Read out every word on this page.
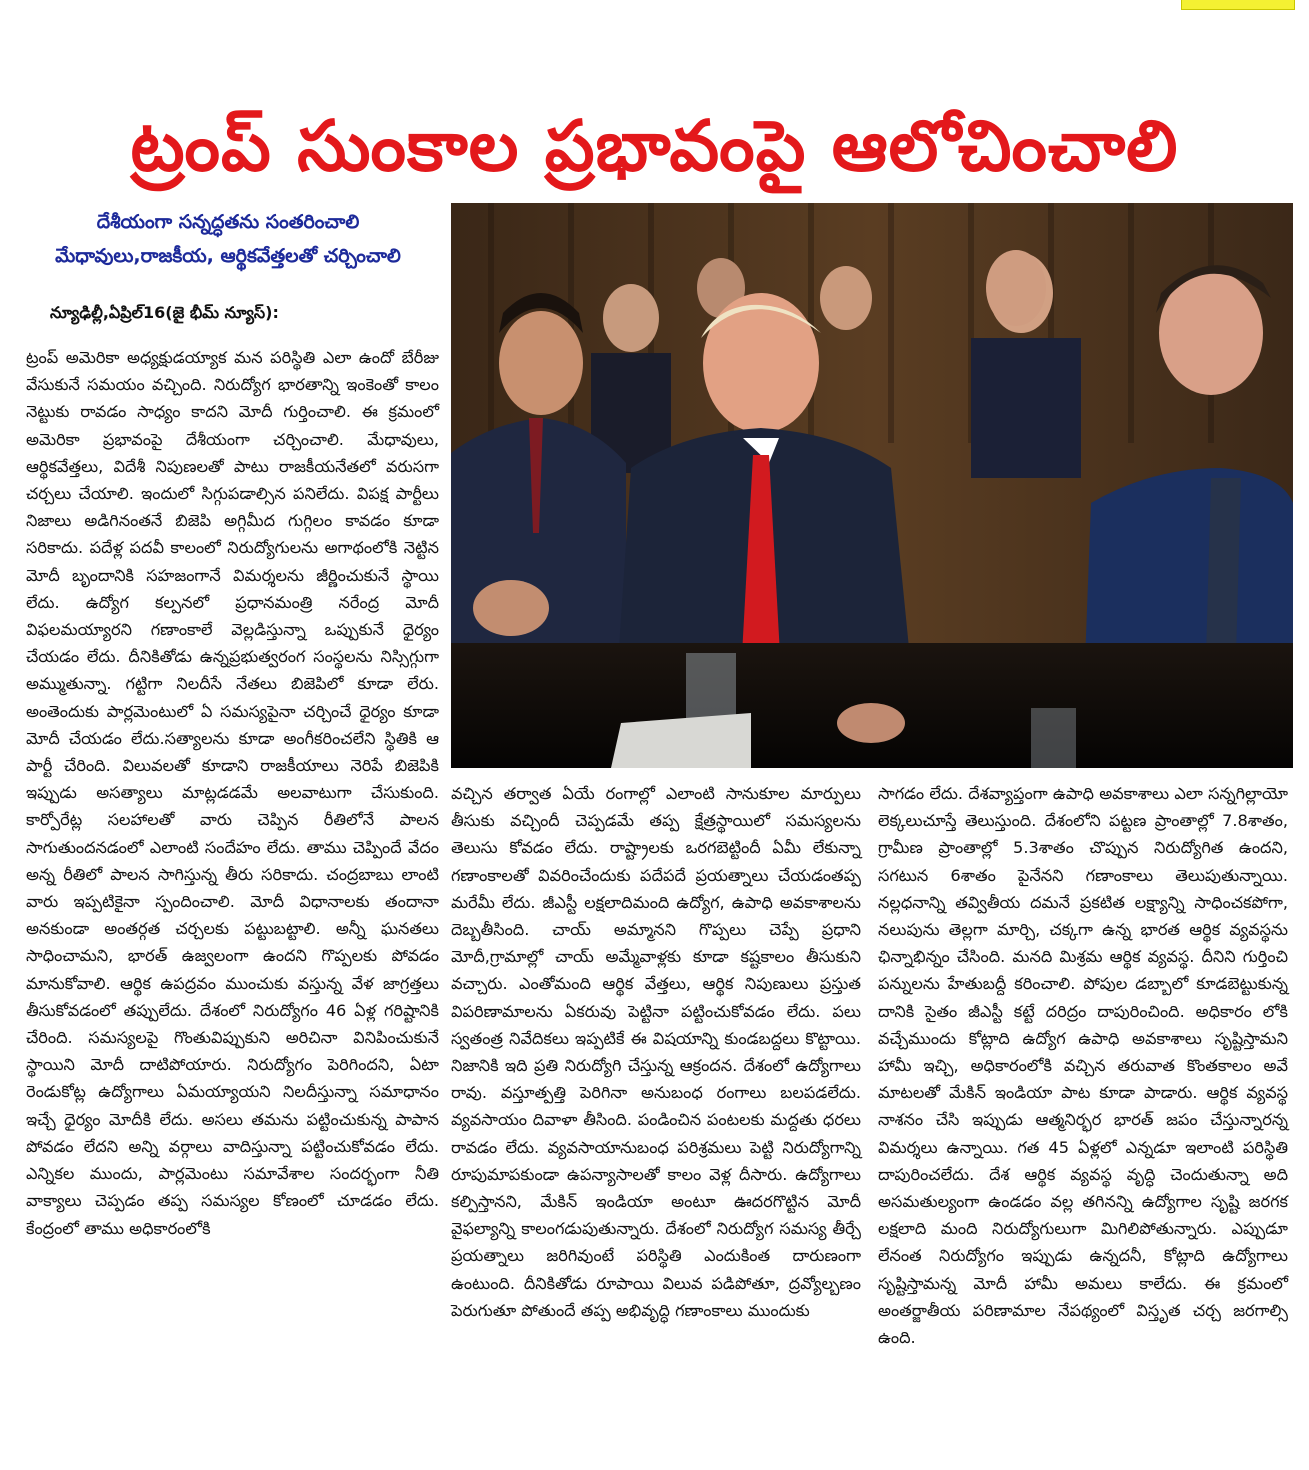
ట్రంప్ సుంకాల ప్రభావంపై ఆలోచించాలి
దేశీయంగా సన్నద్ధతను సంతరించాలి
మేధావులు,రాజకీయ, ఆర్థికవేత్తలతో చర్చించాలి
న్యూఢిల్లీ,ఏప్రిల్16(జై భీమ్ న్యూస్):

ట్రంప్ అమెరికా అధ్యక్షుడయ్యాక మన పరిస్థితి ఎలా ఉందో బేరీజు వేసుకునే సమయం వచ్చింది. నిరుద్యోగ భారతాన్ని ఇంకెంతో కాలం నెట్టుకు రావడం సాధ్యం కాదని మోదీ గుర్తించాలి. ఈ క్రమంలో అమెరికా ప్రభావంపై దేశీయంగా చర్చించాలి. మేధావులు, ఆర్థికవేత్తలు, విదేశీ నిపుణలతో పాటు రాజకీయనేతలో వరుసగా చర్చలు చేయాలి. ఇందులో సిగ్గుపడాల్సిన పనిలేదు. విపక్ష పార్టీలు నిజాలు అడిగినంతనే బిజెపి అగ్గిమీద గుగ్గిలం కావడం కూడా సరికాదు. పదేళ్ల పదవీ కాలంలో నిరుద్యోగులను అగాథంలోకి నెట్టిన మోదీ బృందానికి సహజంగానే విమర్శలను జీర్ణించుకునే స్థాయి లేదు. ఉద్యోగ కల్పనలో ప్రధానమంత్రి నరేంద్ర మోదీ విఫలమయ్యారని గణాంకాలే వెల్లడిస్తున్నా ఒప్పుకునే ధైర్యం చేయడం లేదు. దీనికితోడు ఉన్నప్రభుత్వరంగ సంస్థలను నిస్సిగ్గుగా అమ్ముతున్నా. గట్టిగా నిలదీసే నేతలు బిజెపిలో కూడా లేరు. అంతెందుకు పార్లమెంటులో ఏ సమస్యపైనా చర్చించే ధైర్యం కూడా మోదీ చేయడం లేదు.సత్యాలను కూడా అంగీకరించలేని స్థితికి ఆ పార్టీ చేరింది. విలువలతో కూడాని రాజకీయాలు నెరిపే బిజెపికి ఇప్పుడు అసత్యాలు మాట్లడడమే అలవాటుగా చేసుకుంది. కార్పోరేట్ల సలహాలతో వారు చెప్పిన రీతిలోనే పాలన సాగుతుందనడంలో ఎలాంటి సందేహం లేదు. తాము చెప్పిందే వేదం అన్న రీతిలో పాలన సాగిస్తున్న తీరు సరికాదు. చంద్రబాబు లాంటి వారు ఇప్పటికైనా స్పందించాలి. మోదీ విధానాలకు తందానా అనకుండా అంతర్గత చర్చలకు పట్టుబట్టాలి. అన్నీ ఘనతలు సాధించామని, భారత్ ఉజ్వలంగా ఉందని గొప్పలకు పోవడం మానుకోవాలి. ఆర్థిక ఉపద్రవం ముంచుకు వస్తున్న వేళ జాగ్రత్తలు తీసుకోవడంలో తప్పులేదు. దేశంలో నిరుద్యోగం 46 ఏళ్ల గరిష్టానికి చేరింది. సమస్యలపై గొంతువిప్పుకుని అరిచినా వినిపించుకునే స్థాయిని మోదీ దాటిపోయారు. నిరుద్యోగం పెరిగిందని, ఏటా రెండుకోట్ల ఉద్యోగాలు ఏమయ్యాయని నిలదీస్తున్నా సమాధానం ఇచ్చే ధైర్యం మోదీకి లేదు. అసలు తమను పట్టించుకున్న పాపాన పోవడం లేదని అన్ని వర్గాలు వాదిస్తున్నా పట్టించుకోవడం లేదు. ఎన్నికల ముందు, పార్లమెంటు సమావేశాల సందర్భంగా నీతి వాక్యాలు చెప్పడం తప్ప సమస్యల కోణంలో చూడడం లేదు. కేంద్రంలో తాము అధికారంలోకి

వచ్చిన తర్వాత ఏయే రంగాల్లో ఎలాంటి సానుకూల మార్పులు తీసుకు వచ్చిందీ చెప్పడమే తప్ప క్షేత్రస్థాయిలో సమస్యలను తెలుసు కోవడం లేదు. రాష్ట్రాలకు ఒరగబెట్టిందీ ఏమీ లేకున్నా గణాంకాలతో వివరించేందుకు పదేపదే ప్రయత్నాలు చేయడంతప్ప మరేమీ లేదు. జీఎస్టీ లక్షలాదిమంది ఉద్యోగ, ఉపాధి అవకాశాలను దెబ్బతీసింది. చాయ్ అమ్మానని గొప్పలు చెప్పే ప్రధాని మోదీ,గ్రామాల్లో చాయ్ అమ్మేవాళ్లకు కూడా కష్టకాలం తీసుకుని వచ్చారు. ఎంతోమంది ఆర్థిక వేత్తలు, ఆర్థిక నిపుణులు ప్రస్తుత విపరిణామాలను ఏకరువు పెట్టినా పట్టించుకోవడం లేదు. పలు స్వతంత్ర నివేదికలు ఇప్పటికే ఈ విషయాన్ని కుండబద్దలు కొట్టాయి. నిజానికి ఇది ప్రతి నిరుద్యోగి చేస్తున్న ఆక్రందన. దేశంలో ఉద్యోగాలు రావు. వస్తూత్పత్తి పెరిగినా అనుబంధ రంగాలు బలపడలేదు. వ్యవసాయం దివాళా తీసింది. పండించిన పంటలకు మద్దతు ధరలు రావడం లేదు. వ్యవసాయానుబంధ పరిశ్రమలు పెట్టి నిరుద్యోగాన్ని రూపుమాపకుండా ఉపన్యాసాలతో కాలం వెళ్ల దీసారు. ఉద్యోగాలు కల్పిస్తానని, మేకిన్ ఇండియా అంటూ ఊదరగొట్టిన మోదీ వైఫల్యాన్ని కాలంగడుపుతున్నారు. దేశంలో నిరుద్యోగ సమస్య తీర్చే ప్రయత్నాలు జరిగివుంటే పరిస్థితి ఎందుకింత దారుణంగా ఉంటుంది. దీనికితోడు రూపాయి విలువ పడిపోతూ, ద్రవ్యోల్బణం పెరుగుతూ పోతుందే తప్ప అభివృద్ధి గణాంకాలు ముందుకు

సాగడం లేదు. దేశవ్యాప్తంగా ఉపాధి అవకాశాలు ఎలా సన్నగిల్లాయో లెక్కలుచూస్తే తెలుస్తుంది. దేశంలోని పట్టణ ప్రాంతాల్లో 7.8శాతం, గ్రామీణ ప్రాంతాల్లో 5.3శాతం చొప్పున నిరుద్యోగిత ఉందని, సగటున 6శాతం పైనేనని గణాంకాలు తెలుపుతున్నాయి. నల్లధనాన్ని తవ్వితీయ దమనే ప్రకటిత లక్ష్యాన్ని సాధించకపోగా, నలుపును తెల్లగా మార్చి, చక్కగా ఉన్న భారత ఆర్థిక వ్యవస్థను ఛిన్నాభిన్నం చేసింది. మనది మిశ్రమ ఆర్థిక వ్యవస్థ. దీనిని గుర్తించి పన్నులను హేతుబద్దీ కరించాలి. పోపుల డబ్బాలో కూడబెట్టుకున్న దానికి సైతం జీఎస్టీ కట్టే దరిద్రం దాపురించింది. అధికారం లోకి వచ్చేముందు కోట్లాది ఉద్యోగ ఉపాధి అవకాశాలు సృష్టిస్తామని హామీ ఇచ్చి, అధికారంలోకి వచ్చిన తరువాత కొంతకాలం అవే మాటలతో మేకిన్ ఇండియా పాట కూడా పాడారు. ఆర్థిక వ్యవస్థ నాశనం చేసి ఇప్పుడు ఆత్మనిర్భర భారత్ జపం చేస్తున్నారన్న విమర్శలు ఉన్నాయి. గత 45 ఏళ్లలో ఎన్నడూ ఇలాంటి పరిస్థితి దాపురించలేదు. దేశ ఆర్థిక వ్యవస్థ వృద్ధి చెందుతున్నా అది అసమతుల్యంగా ఉండడం వల్ల తగినన్ని ఉద్యోగాల సృష్టి జరగక లక్షలాది మంది నిరుద్యోగులుగా మిగిలిపోతున్నారు. ఎప్పుడూ లేనంత నిరుద్యోగం ఇప్పుడు ఉన్నదనీ, కోట్లాది ఉద్యోగాలు సృష్టిస్తామన్న మోదీ హామీ అమలు కాలేదు. ఈ క్రమంలో అంతర్జాతీయ పరిణామాల నేపథ్యంలో విస్తృత చర్చ జరగాల్సి ఉంది.
